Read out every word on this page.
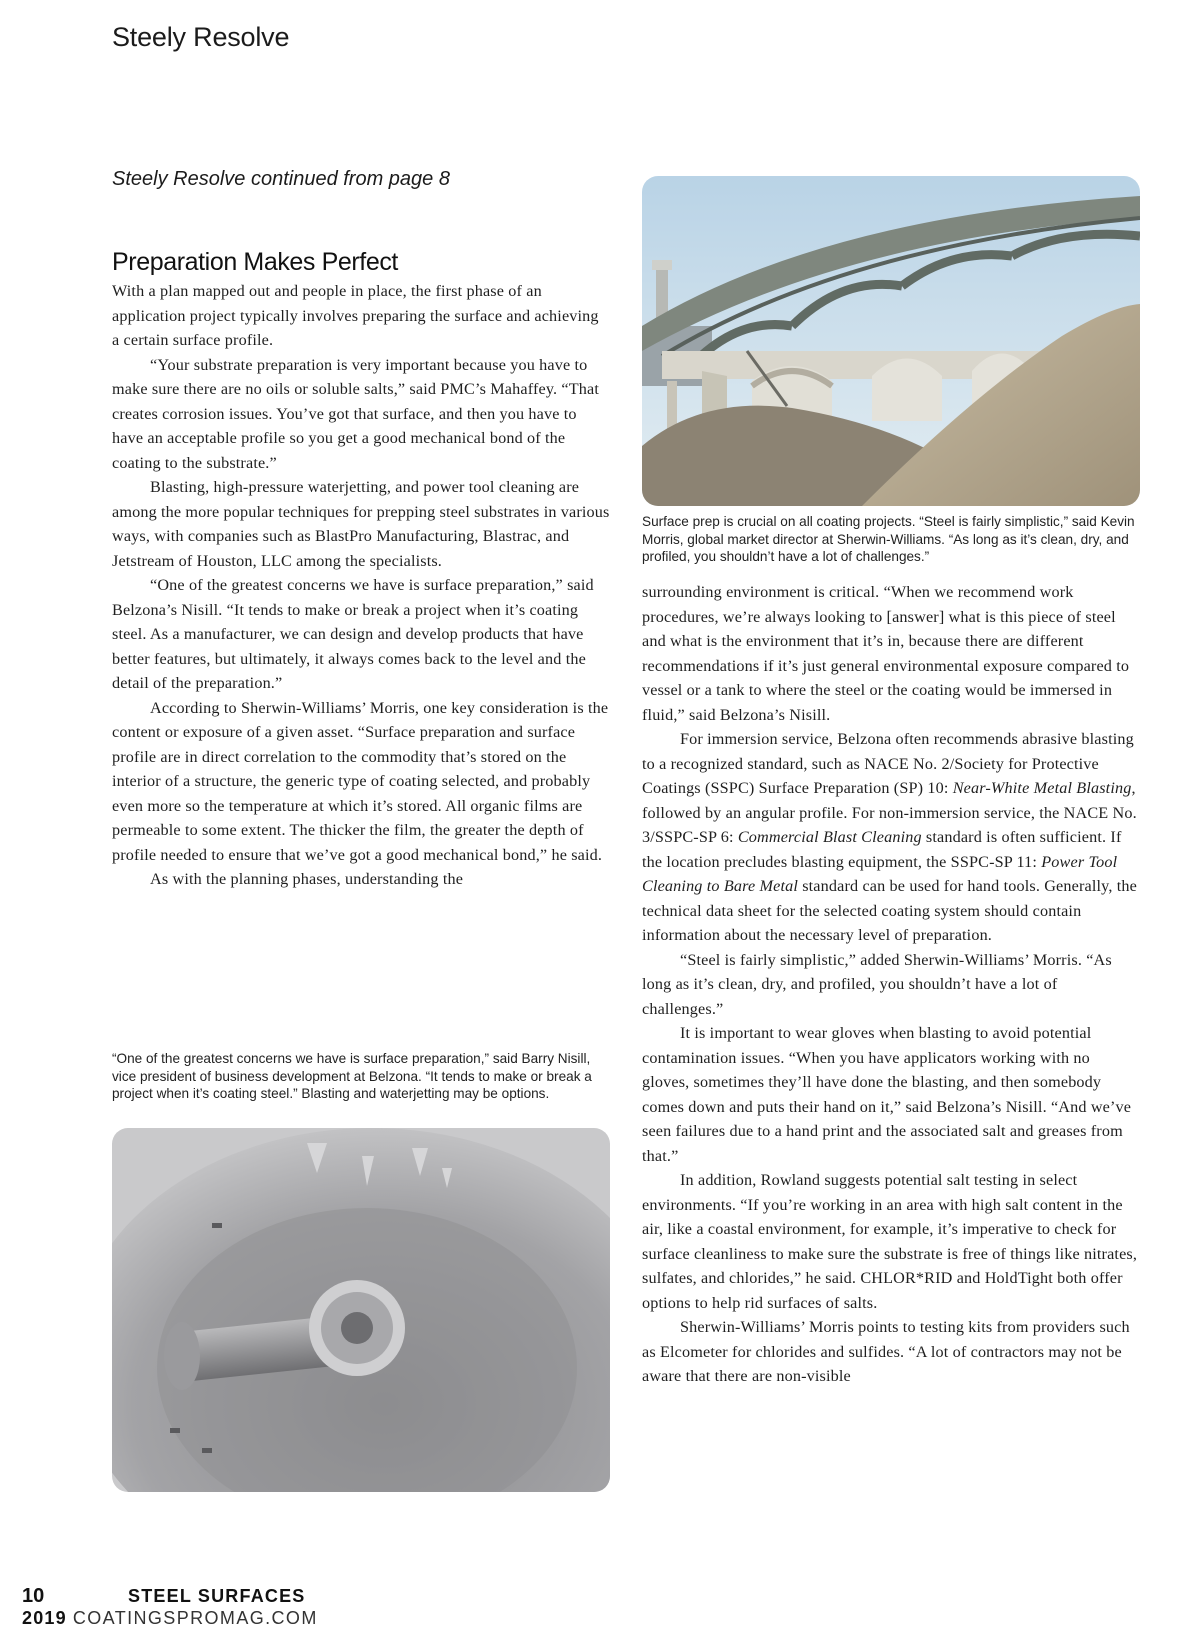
Steely Resolve
Steely Resolve continued from page 8
Preparation Makes Perfect

With a plan mapped out and people in place, the first phase of an application project typically involves preparing the surface and achieving a certain surface profile.

“Your substrate preparation is very important because you have to make sure there are no oils or soluble salts,” said PMC’s Mahaffey. “That creates corrosion issues. You’ve got that surface, and then you have to have an acceptable profile so you get a good mechanical bond of the coating to the substrate.”

Blasting, high-pressure waterjetting, and power tool cleaning are among the more popular techniques for prepping steel substrates in various ways, with companies such as BlastPro Manufacturing, Blastrac, and Jetstream of Houston, LLC among the specialists.

“One of the greatest concerns we have is surface preparation,” said Belzona’s Nisill. “It tends to make or break a project when it’s coating steel. As a manufacturer, we can design and develop products that have better features, but ultimately, it always comes back to the level and the detail of the preparation.”

According to Sherwin-Williams’ Morris, one key consideration is the content or exposure of a given asset. “Surface preparation and surface profile are in direct correlation to the commodity that’s stored on the interior of a structure, the generic type of coating selected, and probably even more so the temperature at which it’s stored. All organic films are permeable to some extent. The thicker the film, the greater the depth of profile needed to ensure that we’ve got a good mechanical bond,” he said.

As with the planning phases, understanding the

Surface prep is crucial on all coating projects. “Steel is fairly simplistic,” said Kevin Morris, global market director at Sherwin-Williams. “As long as it’s clean, dry, and profiled, you shouldn’t have a lot of challenges.”

surrounding environment is critical. “When we recommend work procedures, we’re always looking to [answer] what is this piece of steel and what is the environment that it’s in, because there are different recommendations if it’s just general environmental exposure compared to vessel or a tank to where the steel or the coating would be immersed in fluid,” said Belzona’s Nisill.

For immersion service, Belzona often recommends abrasive blasting to a recognized standard, such as NACE No. 2/Society for Protective Coatings (SSPC) Surface Preparation (SP) 10: Near-White Metal Blasting, followed by an angular profile. For non-immersion service, the NACE No. 3/SSPC-SP 6: Commercial Blast Cleaning standard is often sufficient. If the location precludes blasting equipment, the SSPC-SP 11: Power Tool Cleaning to Bare Metal standard can be used for hand tools. Generally, the technical data sheet for the selected coating system should contain information about the necessary level of preparation.

“Steel is fairly simplistic,” added Sherwin-Williams’ Morris. “As long as it’s clean, dry, and profiled, you shouldn’t have a lot of challenges.”

It is important to wear gloves when blasting to avoid potential contamination issues. “When you have applicators working with no gloves, sometimes they’ll have done the blasting, and then somebody comes down and puts their hand on it,” said Belzona’s Nisill. “And we’ve seen failures due to a hand print and the associated salt and greases from that.”

In addition, Rowland suggests potential salt testing in select environments. “If you’re working in an area with high salt content in the air, like a coastal environment, for example, it’s imperative to check for surface cleanliness to make sure the substrate is free of things like nitrates, sulfates, and chlorides,” he said. CHLOR*RID and HoldTight both offer options to help rid surfaces of salts.

Sherwin-Williams’ Morris points to testing kits from providers such as Elcometer for chlorides and sulfides. “A lot of contractors may not be aware that there are non-visible

“One of the greatest concerns we have is surface preparation,” said Barry Nisill, vice president of business development at Belzona. “It tends to make or break a project when it’s coating steel.” Blasting and waterjetting may be options.
10	STEEL SURFACES 2019 COATINGSPROMAG.COM
